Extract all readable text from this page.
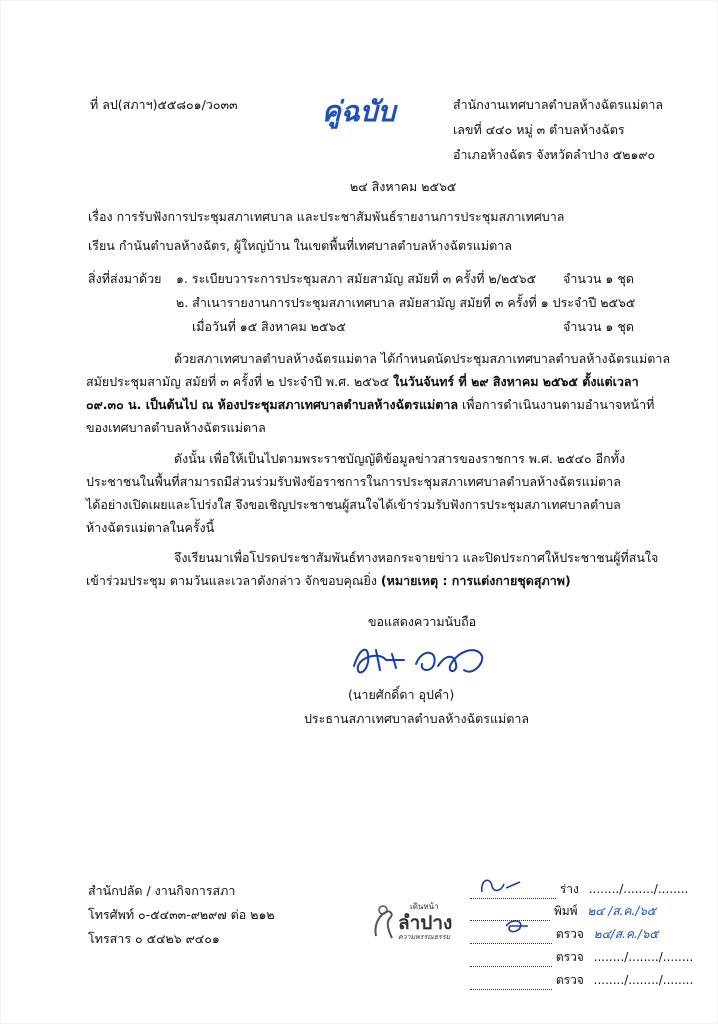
ที่ ลป(สภาฯ)๕๕๘๐๑/ว๐๓๓	คู่ฉบับ	สำนักงานเทศบาลตำบลห้างฉัตรแม่ตาล
เลขที่ ๔๔๐ หมู่ ๓ ตำบลห้างฉัตร
อำเภอห้างฉัตร จังหวัดลำปาง ๕๒๑๙๐
๒๔ สิงหาคม ๒๕๖๕
เรื่อง การรับฟังการประชุมสภาเทศบาล และประชาสัมพันธ์รายงานการประชุมสภาเทศบาล
เรียน กำนันตำบลห้างฉัตร, ผู้ใหญ่บ้าน ในเขตพื้นที่เทศบาลตำบลห้างฉัตรแม่ตาล
สิ่งที่ส่งมาด้วย ๑. ระเบียบวาระการประชุมสภา สมัยสามัญ สมัยที่ ๓ ครั้งที่ ๒/๒๕๖๕ จำนวน ๑ ชุด
๒. สำเนารายงานการประชุมสภาเทศบาล สมัยสามัญ สมัยที่ ๓ ครั้งที่ ๑ ประจำปี ๒๕๖๕
เมื่อวันที่ ๑๕ สิงหาคม ๒๕๖๕	จำนวน ๑ ชุด
ด้วยสภาเทศบาลตำบลห้างฉัตรแม่ตาล ได้กำหนดนัดประชุมสภาเทศบาลตำบลห้างฉัตรแม่ตาล
สมัยประชุมสามัญ สมัยที่ ๓ ครั้งที่ ๒ ประจำปี พ.ศ. ๒๕๖๕ ในวันจันทร์ ที่ ๒๙ สิงหาคม ๒๕๖๕ ตั้งแต่เวลา
๐๙.๓๐ น. เป็นต้นไป ณ ห้องประชุมสภาเทศบาลตำบลห้างฉัตรแม่ตาล เพื่อการดำเนินงานตามอำนาจหน้าที่
ของเทศบาลตำบลห้างฉัตรแม่ตาล
ดังนั้น เพื่อให้เป็นไปตามพระราชบัญญัติข้อมูลข่าวสารของราชการ พ.ศ. ๒๕๔๐ อีกทั้ง
ประชาชนในพื้นที่สามารถมีส่วนร่วมรับฟังข้อราชการในการประชุมสภาเทศบาลตำบลห้างฉัตรแม่ตาล
ได้อย่างเปิดเผยและโปร่งใส จึงขอเชิญประชาชนผู้สนใจได้เข้าร่วมรับฟังการประชุมสภาเทศบาลตำบล
ห้างฉัตรแม่ตาลในครั้งนี้
จึงเรียนมาเพื่อโปรดประชาสัมพันธ์ทางหอกระจายข่าว และปิดประกาศให้ประชาชนผู้ที่สนใจ
เข้าร่วมประชุม ตามวันและเวลาดังกล่าว จักขอบคุณยิ่ง (หมายเหตุ : การแต่งกายชุดสุภาพ)
ขอแสดงความนับถือ
(นายศักดิ์ดา อุปคำ)
ประธานสภาเทศบาลตำบลห้างฉัตรแม่ตาล
สำนักปลัด / งานกิจการสภา
โทรศัพท์ ๐-๕๔๓๓-๙๒๙๗ ต่อ ๒๑๒
โทรสาร ๐ ๕๔๒๖ ๙๔๐๑
เดินหน้า
ลำปาง
ความพรรณธรรม
ร่าง ......../......../........
พิมพ์ ๒๔ /ส.ค./๖๕
ตรวจ ๒๔/ส.ค./๖๕
ตรวจ ......../......../........
ตรวจ ......../......../........
